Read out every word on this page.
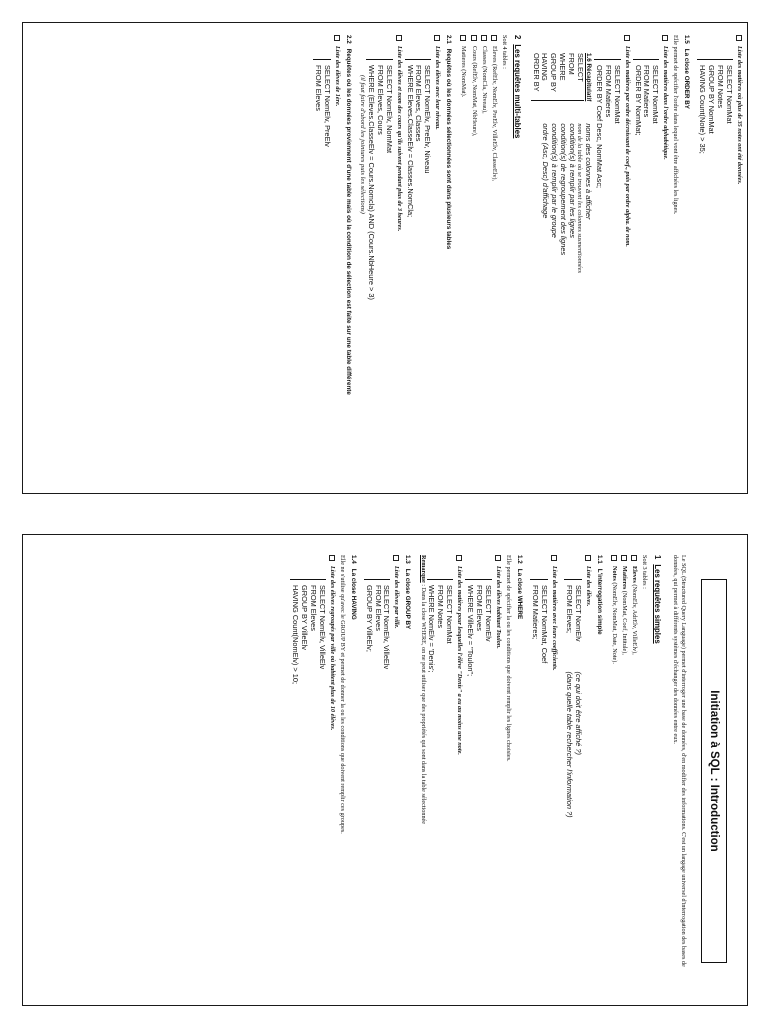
Liste des matières où plus de 35 notes ont été données.
SELECT NomMat
FROM Notes
GROUP BY NomMat
HAVING Count(Note) > 35;
1.5La close ORDER BY

Elle permet de spécifier l'ordre dans lequel vont être affichées les lignes.

Liste des matières dans l'ordre alphabétique.
SELECT NomMat
FROM Matieres
ORDER BY NomMat;
Liste des matières par ordre décroissant de coef., puis par ordre alpha. de nom.
SELECT NomMat
FROM Matieres
ORDER BY Coef Desc, NomMat Asc;
1.6 Récapitulatif
SELECT
FROM
WHERE
GROUP BY
HAVING
ORDER BY
noms des colonnes à afficher
nom de la table où se trouvent les colonnes susmentionnées
condition(s) à remplir par les lignes
condition(s) de regroupement des lignes
condition(s) à remplir par le groupe
ordre (Asc, Desc) d'affichage
2Les requêtes multi-tables

Soit 4 tables :

Eleves

(RefElv, NomElv, PreElv, VilleElv, ClasseElv),
Classes

(NomCla, Niveau),
Cours

(RefElv, NomMat, NbHeure),
Matieres

(NomMat).
2.1Requêtes où les données sélectionnées sont dans plusieurs tables
Liste des élèves avec leur niveau.
SELECT NomElv, PreElv, Niveau
FROM Eleves, Classes
WHERE Eleves.ClasseElv = Classes.NomCla;
Liste des élèves et nom des cours qu'ils suivent pendant plus de 3 heures.
SELECT NomElv, NomMat
FROM Eleves, Cours
WHERE (Eleves.ClasseElv = Cours.Nomcla) AND (Cours.NbHeure > 3)
(il faut faire d'abord les jointures puis les sélections)
2.2Requêtes où les données proviennent d'une table mais où la condition de sélection est faite sur une table différente
Liste des élèves de 1ère.
SELECT NomElv, PreElv
FROM Eleves
Initiation à SQL : Introduction

Le SQL (Structured Query Language) permet d'interroger une base de données, d'en modifier des informations. C'est un langage universel d'interrogation des bases de données, qui permet à différents systèmes d'échanger des données entre eux.

1Les requêtes simples

Soit 3 tables :

Eleves

(NomElv, AdrElv, VilleElv),
Matieres

(NomMat, Coef, Intitule),
Notes

(NomElv, NomMat, Date, Note).
1.1L'interrogation simple
Liste des élèves.
SELECT NomElv
FROM Eleves;
(ce qui doit être affiché ?)
(dans quelle table rechercher l'information ?)
Liste des matières avec leurs coefficients.
SELECT NomMat, Coef
FROM Matieres;
1.2La close WHERE

Elle permet de spécifier la ou les conditions que doivent remplir les lignes choisies.

Liste des élèves habitant Toulon.
SELECT NomElv
FROM Eleves
WHERE VilleElv = "Toulon";
Liste des matières pour lesquelles l'élève "Denis" a eu au moins une note.
SELECT NomMat
FROM Notes
WHERE NomElv = 'Denis';

Remarque : Dans la close WHERE, on ne peut utiliser que des propriétés qui sont dans la table sélectionnée

1.3La close GROUP BY
Liste des élèves par ville.
SELECT NomElv, VilleElv
FROM Eleves
GROUP BY VilleElv;
1.4La close HAVING

Elle ne s'utilise qu'avec le GROUP BY et permet de donner la ou les conditions que doivent remplir ces groupes.

Liste des élèves regroupés par ville où habitent plus de 10 élèves.
SELECT NomElv, VilleElv
FROM Eleves
GROUP BY VilleElv
HAVING Count(NomElv) > 10;
